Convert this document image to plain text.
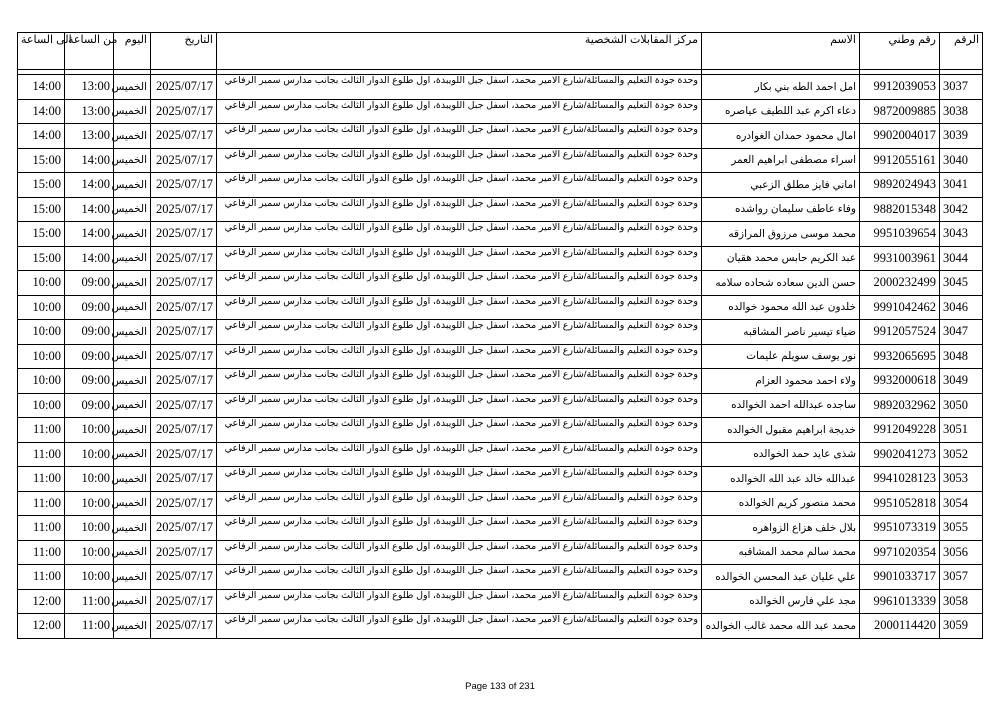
الى الساعة	من الساعة	اليوم	التاريخ	مركز المقابلات الشخصية	الاسم	رقم وطني	الرقم

14:00	13:00	الخميس	2025/07/17	وحدة جودة التعليم والمسائلة/شارع الامير محمد، اسفل جبل اللويبدة، اول طلوع الدوار الثالث بجانب مدارس سمير الرفاعي	امل احمد الطه بني بكار	9912039053	3037
14:00	13:00	الخميس	2025/07/17	وحدة جودة التعليم والمسائلة/شارع الامير محمد، اسفل جبل اللويبدة، اول طلوع الدوار الثالث بجانب مدارس سمير الرفاعي	دعاء اكرم عبد اللطيف عياصره	9872009885	3038
14:00	13:00	الخميس	2025/07/17	وحدة جودة التعليم والمسائلة/شارع الامير محمد، اسفل جبل اللويبدة، اول طلوع الدوار الثالث بجانب مدارس سمير الرفاعي	امال محمود حمدان الغوادره	9902004017	3039
15:00	14:00	الخميس	2025/07/17	وحدة جودة التعليم والمسائلة/شارع الامير محمد، اسفل جبل اللويبدة، اول طلوع الدوار الثالث بجانب مدارس سمير الرفاعي	اسراء مصطفى ابراهيم العمر	9912055161	3040
15:00	14:00	الخميس	2025/07/17	وحدة جودة التعليم والمسائلة/شارع الامير محمد، اسفل جبل اللويبدة، اول طلوع الدوار الثالث بجانب مدارس سمير الرفاعي	اماني فايز مطلق الزعبي	9892024943	3041
15:00	14:00	الخميس	2025/07/17	وحدة جودة التعليم والمسائلة/شارع الامير محمد، اسفل جبل اللويبدة، اول طلوع الدوار الثالث بجانب مدارس سمير الرفاعي	وفاء عاطف سليمان رواشده	9882015348	3042
15:00	14:00	الخميس	2025/07/17	وحدة جودة التعليم والمسائلة/شارع الامير محمد، اسفل جبل اللويبدة، اول طلوع الدوار الثالث بجانب مدارس سمير الرفاعي	محمد موسى مرزوق المرازقه	9951039654	3043
15:00	14:00	الخميس	2025/07/17	وحدة جودة التعليم والمسائلة/شارع الامير محمد، اسفل جبل اللويبدة، اول طلوع الدوار الثالث بجانب مدارس سمير الرفاعي	عبد الكريم حابس محمد هقيان	9931003961	3044
10:00	09:00	الخميس	2025/07/17	وحدة جودة التعليم والمسائلة/شارع الامير محمد، اسفل جبل اللويبدة، اول طلوع الدوار الثالث بجانب مدارس سمير الرفاعي	حسن الدين سعاده شحاده سلامه	2000232499	3045
10:00	09:00	الخميس	2025/07/17	وحدة جودة التعليم والمسائلة/شارع الامير محمد، اسفل جبل اللويبدة، اول طلوع الدوار الثالث بجانب مدارس سمير الرفاعي	خلدون عبد الله محمود خوالده	9991042462	3046
10:00	09:00	الخميس	2025/07/17	وحدة جودة التعليم والمسائلة/شارع الامير محمد، اسفل جبل اللويبدة، اول طلوع الدوار الثالث بجانب مدارس سمير الرفاعي	ضياء تيسير ناصر المشاقبه	9912057524	3047
10:00	09:00	الخميس	2025/07/17	وحدة جودة التعليم والمسائلة/شارع الامير محمد، اسفل جبل اللويبدة، اول طلوع الدوار الثالث بجانب مدارس سمير الرفاعي	نور يوسف سويلم عليمات	9932065695	3048
10:00	09:00	الخميس	2025/07/17	وحدة جودة التعليم والمسائلة/شارع الامير محمد، اسفل جبل اللويبدة، اول طلوع الدوار الثالث بجانب مدارس سمير الرفاعي	ولاء احمد محمود العزام	9932000618	3049
10:00	09:00	الخميس	2025/07/17	وحدة جودة التعليم والمسائلة/شارع الامير محمد، اسفل جبل اللويبدة، اول طلوع الدوار الثالث بجانب مدارس سمير الرفاعي	ساجده عبدالله احمد الخوالده	9892032962	3050
11:00	10:00	الخميس	2025/07/17	وحدة جودة التعليم والمسائلة/شارع الامير محمد، اسفل جبل اللويبدة، اول طلوع الدوار الثالث بجانب مدارس سمير الرفاعي	خديجة ابراهيم مقبول الخوالده	9912049228	3051
11:00	10:00	الخميس	2025/07/17	وحدة جودة التعليم والمسائلة/شارع الامير محمد، اسفل جبل اللويبدة، اول طلوع الدوار الثالث بجانب مدارس سمير الرفاعي	شذى عايد حمد الخوالده	9902041273	3052
11:00	10:00	الخميس	2025/07/17	وحدة جودة التعليم والمسائلة/شارع الامير محمد، اسفل جبل اللويبدة، اول طلوع الدوار الثالث بجانب مدارس سمير الرفاعي	عبدالله خالد عبد الله الخوالده	9941028123	3053
11:00	10:00	الخميس	2025/07/17	وحدة جودة التعليم والمسائلة/شارع الامير محمد، اسفل جبل اللويبدة، اول طلوع الدوار الثالث بجانب مدارس سمير الرفاعي	محمد منصور كريم الخوالده	9951052818	3054
11:00	10:00	الخميس	2025/07/17	وحدة جودة التعليم والمسائلة/شارع الامير محمد، اسفل جبل اللويبدة، اول طلوع الدوار الثالث بجانب مدارس سمير الرفاعي	بلال خلف هزاع الزواهره	9951073319	3055
11:00	10:00	الخميس	2025/07/17	وحدة جودة التعليم والمسائلة/شارع الامير محمد، اسفل جبل اللويبدة، اول طلوع الدوار الثالث بجانب مدارس سمير الرفاعي	محمد سالم محمد المشاقبه	9971020354	3056
11:00	10:00	الخميس	2025/07/17	وحدة جودة التعليم والمسائلة/شارع الامير محمد، اسفل جبل اللويبدة، اول طلوع الدوار الثالث بجانب مدارس سمير الرفاعي	علي عليان عبد المحسن الخوالده	9901033717	3057
12:00	11:00	الخميس	2025/07/17	وحدة جودة التعليم والمسائلة/شارع الامير محمد، اسفل جبل اللويبدة، اول طلوع الدوار الثالث بجانب مدارس سمير الرفاعي	مجد علي فارس الخوالده	9961013339	3058
12:00	11:00	الخميس	2025/07/17	وحدة جودة التعليم والمسائلة/شارع الامير محمد، اسفل جبل اللويبدة، اول طلوع الدوار الثالث بجانب مدارس سمير الرفاعي	محمد عبد الله محمد غالب الخوالده	2000114420	3059
Page 133 of 231
